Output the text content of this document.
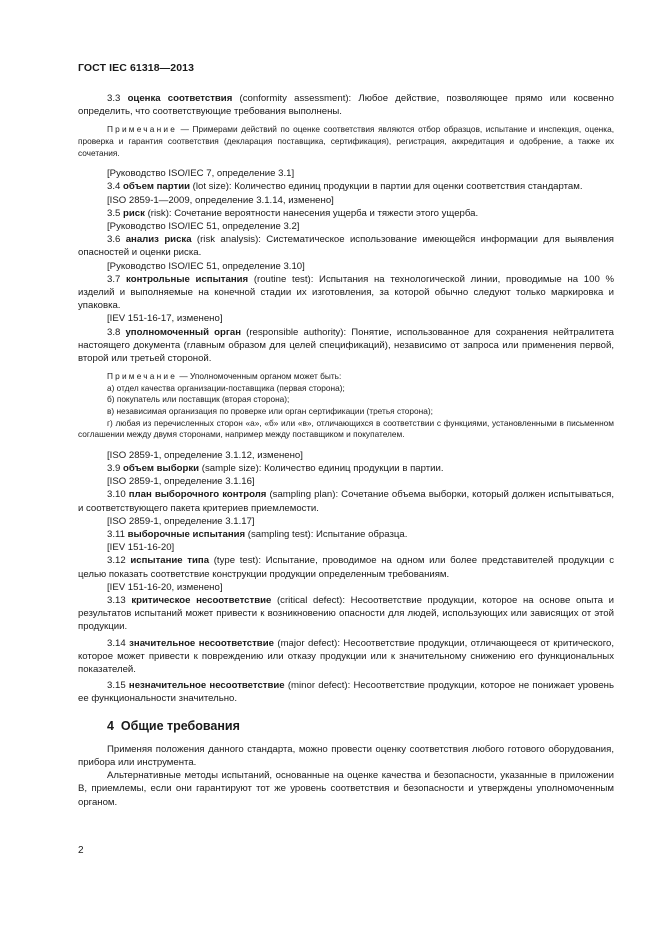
ГОСТ IEC 61318—2013

3.3 оценка соответствия (conformity assessment): Любое действие, позволяющее прямо или косвенно определить, что соответствующие требования выполнены.

Примечание — Примерами действий по оценке соответствия являются отбор образцов, испытание и инспекция, оценка, проверка и гарантия соответствия (декларация поставщика, сертификация), регистрация, аккредитация и одобрение, а также их сочетания.

[Руководство ISO/IEC 7, определение 3.1]

3.4 объем партии (lot size): Количество единиц продукции в партии для оценки соответствия стандартам.

[ISO 2859-1—2009, определение 3.1.14, изменено]

3.5 риск (risk): Сочетание вероятности нанесения ущерба и тяжести этого ущерба.

[Руководство ISO/IEC 51, определение 3.2]

3.6 анализ риска (risk analysis): Систематическое использование имеющейся информации для выявления опасностей и оценки риска.

[Руководство ISO/IEC 51, определение 3.10]

3.7 контрольные испытания (routine test): Испытания на технологической линии, проводимые на 100 % изделий и выполняемые на конечной стадии их изготовления, за которой обычно следуют только маркировка и упаковка.

[IEV 151-16-17, изменено]

3.8 уполномоченный орган (responsible authority): Понятие, использованное для сохранения нейтралитета настоящего документа (главным образом для целей спецификаций), независимо от запроса или применения первой, второй или третьей стороной.

Примечание — Уполномоченным органом может быть:

а) отдел качества организации-поставщика (первая сторона);

б) покупатель или поставщик (вторая сторона);

в) независимая организация по проверке или орган сертификации (третья сторона);

г) любая из перечисленных сторон «а», «б» или «в», отличающихся в соответствии с функциями, установленными в письменном соглашении между двумя сторонами, например между поставщиком и покупателем.

[ISO 2859-1, определение 3.1.12, изменено]

3.9 объем выборки (sample size): Количество единиц продукции в партии.

[ISO 2859-1, определение 3.1.16]

3.10 план выборочного контроля (sampling plan): Сочетание объема выборки, который должен испытываться, и соответствующего пакета критериев приемлемости.

[ISO 2859-1, определение 3.1.17]

3.11 выборочные испытания (sampling test): Испытание образца.

[IEV 151-16-20]

3.12 испытание типа (type test): Испытание, проводимое на одном или более представителей продукции с целью показать соответствие конструкции продукции определенным требованиям.

[IEV 151-16-20, изменено]

3.13 критическое несоответствие (critical defect): Несоответствие продукции, которое на основе опыта и результатов испытаний может привести к возникновению опасности для людей, использующих или зависящих от этой продукции.

3.14 значительное несоответствие (major defect): Несоответствие продукции, отличающееся от критического, которое может привести к повреждению или отказу продукции или к значительному снижению его функциональных показателей.

3.15 незначительное несоответствие (minor defect): Несоответствие продукции, которое не понижает уровень ее функциональности значительно.

4 Общие требования

Применяя положения данного стандарта, можно провести оценку соответствия любого готового оборудования, прибора или инструмента.

Альтернативные методы испытаний, основанные на оценке качества и безопасности, указанные в приложении В, приемлемы, если они гарантируют тот же уровень соответствия и безопасности и утверждены уполномоченным органом.

2
